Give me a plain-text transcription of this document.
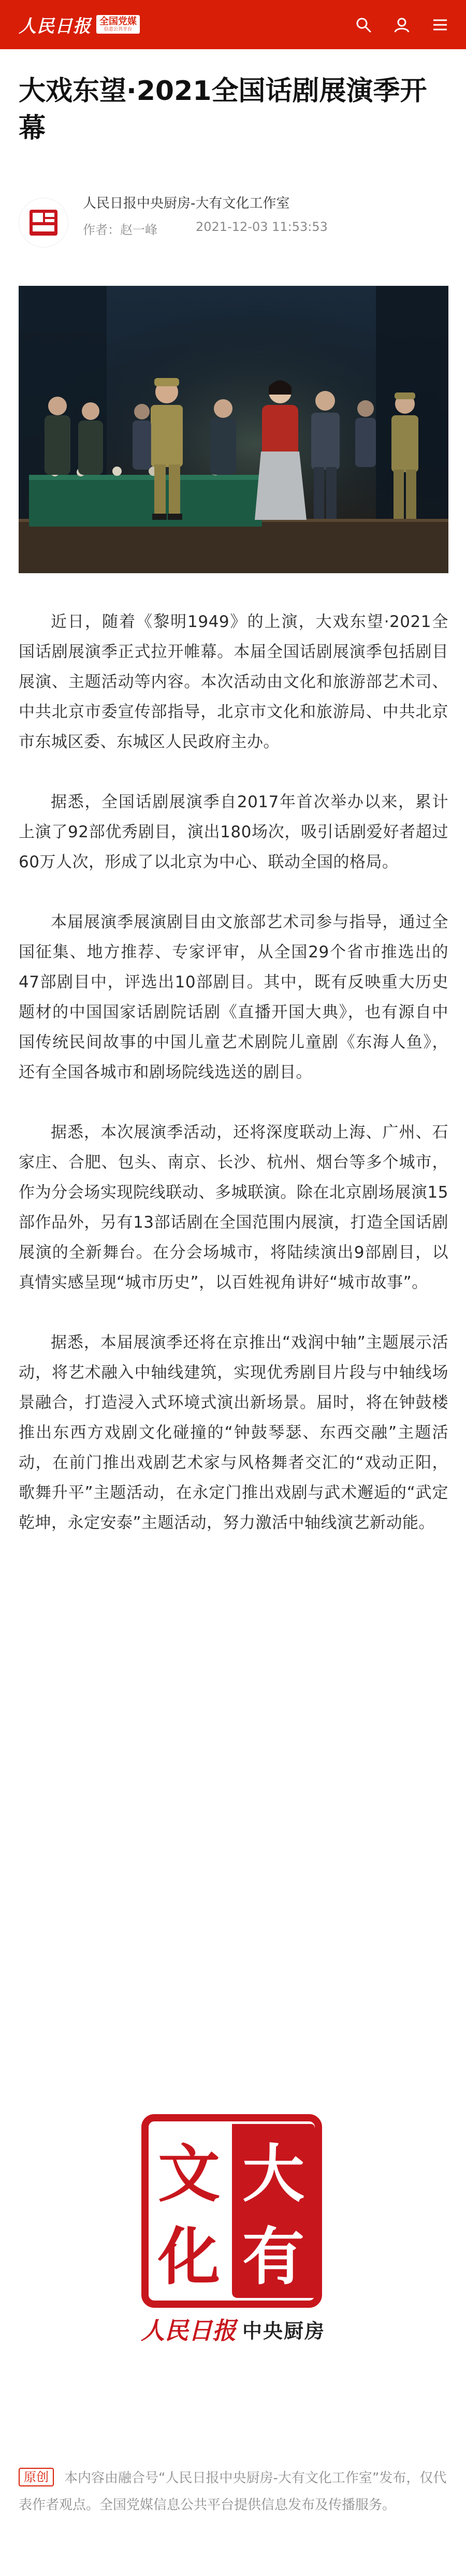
人民日报 全国党媒
信息公共平台
大戏东望·2021全国话剧展演季开幕
人民日报中央厨房-大有文化工作室
作者： 赵一峰	2021-12-03 11:53:53

近日，随着《黎明1949》的上演，大戏东望·2021全国话剧展演季正式拉开帷幕。本届全国话剧展演季包括剧目展演、主题活动等内容。本次活动由文化和旅游部艺术司、中共北京市委宣传部指导，北京市文化和旅游局、中共北京市东城区委、东城区人民政府主办。

据悉，全国话剧展演季自2017年首次举办以来，累计上演了92部优秀剧目，演出180场次，吸引话剧爱好者超过60万人次，形成了以北京为中心、联动全国的格局。

本届展演季展演剧目由文旅部艺术司参与指导，通过全国征集、地方推荐、专家评审，从全国29个省市推选出的47部剧目中，评选出10部剧目。其中，既有反映重大历史题材的中国国家话剧院话剧《直播开国大典》，也有源自中国传统民间故事的中国儿童艺术剧院儿童剧《东海人鱼》，还有全国各城市和剧场院线选送的剧目。

据悉，本次展演季活动，还将深度联动上海、广州、石家庄、合肥、包头、南京、长沙、杭州、烟台等多个城市，作为分会场实现院线联动、多城联演。除在北京剧场展演15部作品外，另有13部话剧在全国范围内展演，打造全国话剧展演的全新舞台。在分会场城市，将陆续演出9部剧目，以真情实感呈现“城市历史”，以百姓视角讲好“城市故事”。

据悉，本届展演季还将在京推出“戏润中轴”主题展示活动，将艺术融入中轴线建筑，实现优秀剧目片段与中轴线场景融合，打造浸入式环境式演出新场景。届时，将在钟鼓楼推出东西方戏剧文化碰撞的“钟鼓琴瑟、东西交融”主题活动，在前门推出戏剧艺术家与风格舞者交汇的“戏动正阳，歌舞升平”主题活动，在永定门推出戏剧与武术邂逅的“武定乾坤，永定安泰”主题活动，努力激活中轴线演艺新动能。

文
化
大
有
人民日报 中央厨房
原创 本内容由融合号“人民日报中央厨房-大有文化工作室”发布，仅代表作者观点。全国党媒信息公共平台提供信息发布及传播服务。
